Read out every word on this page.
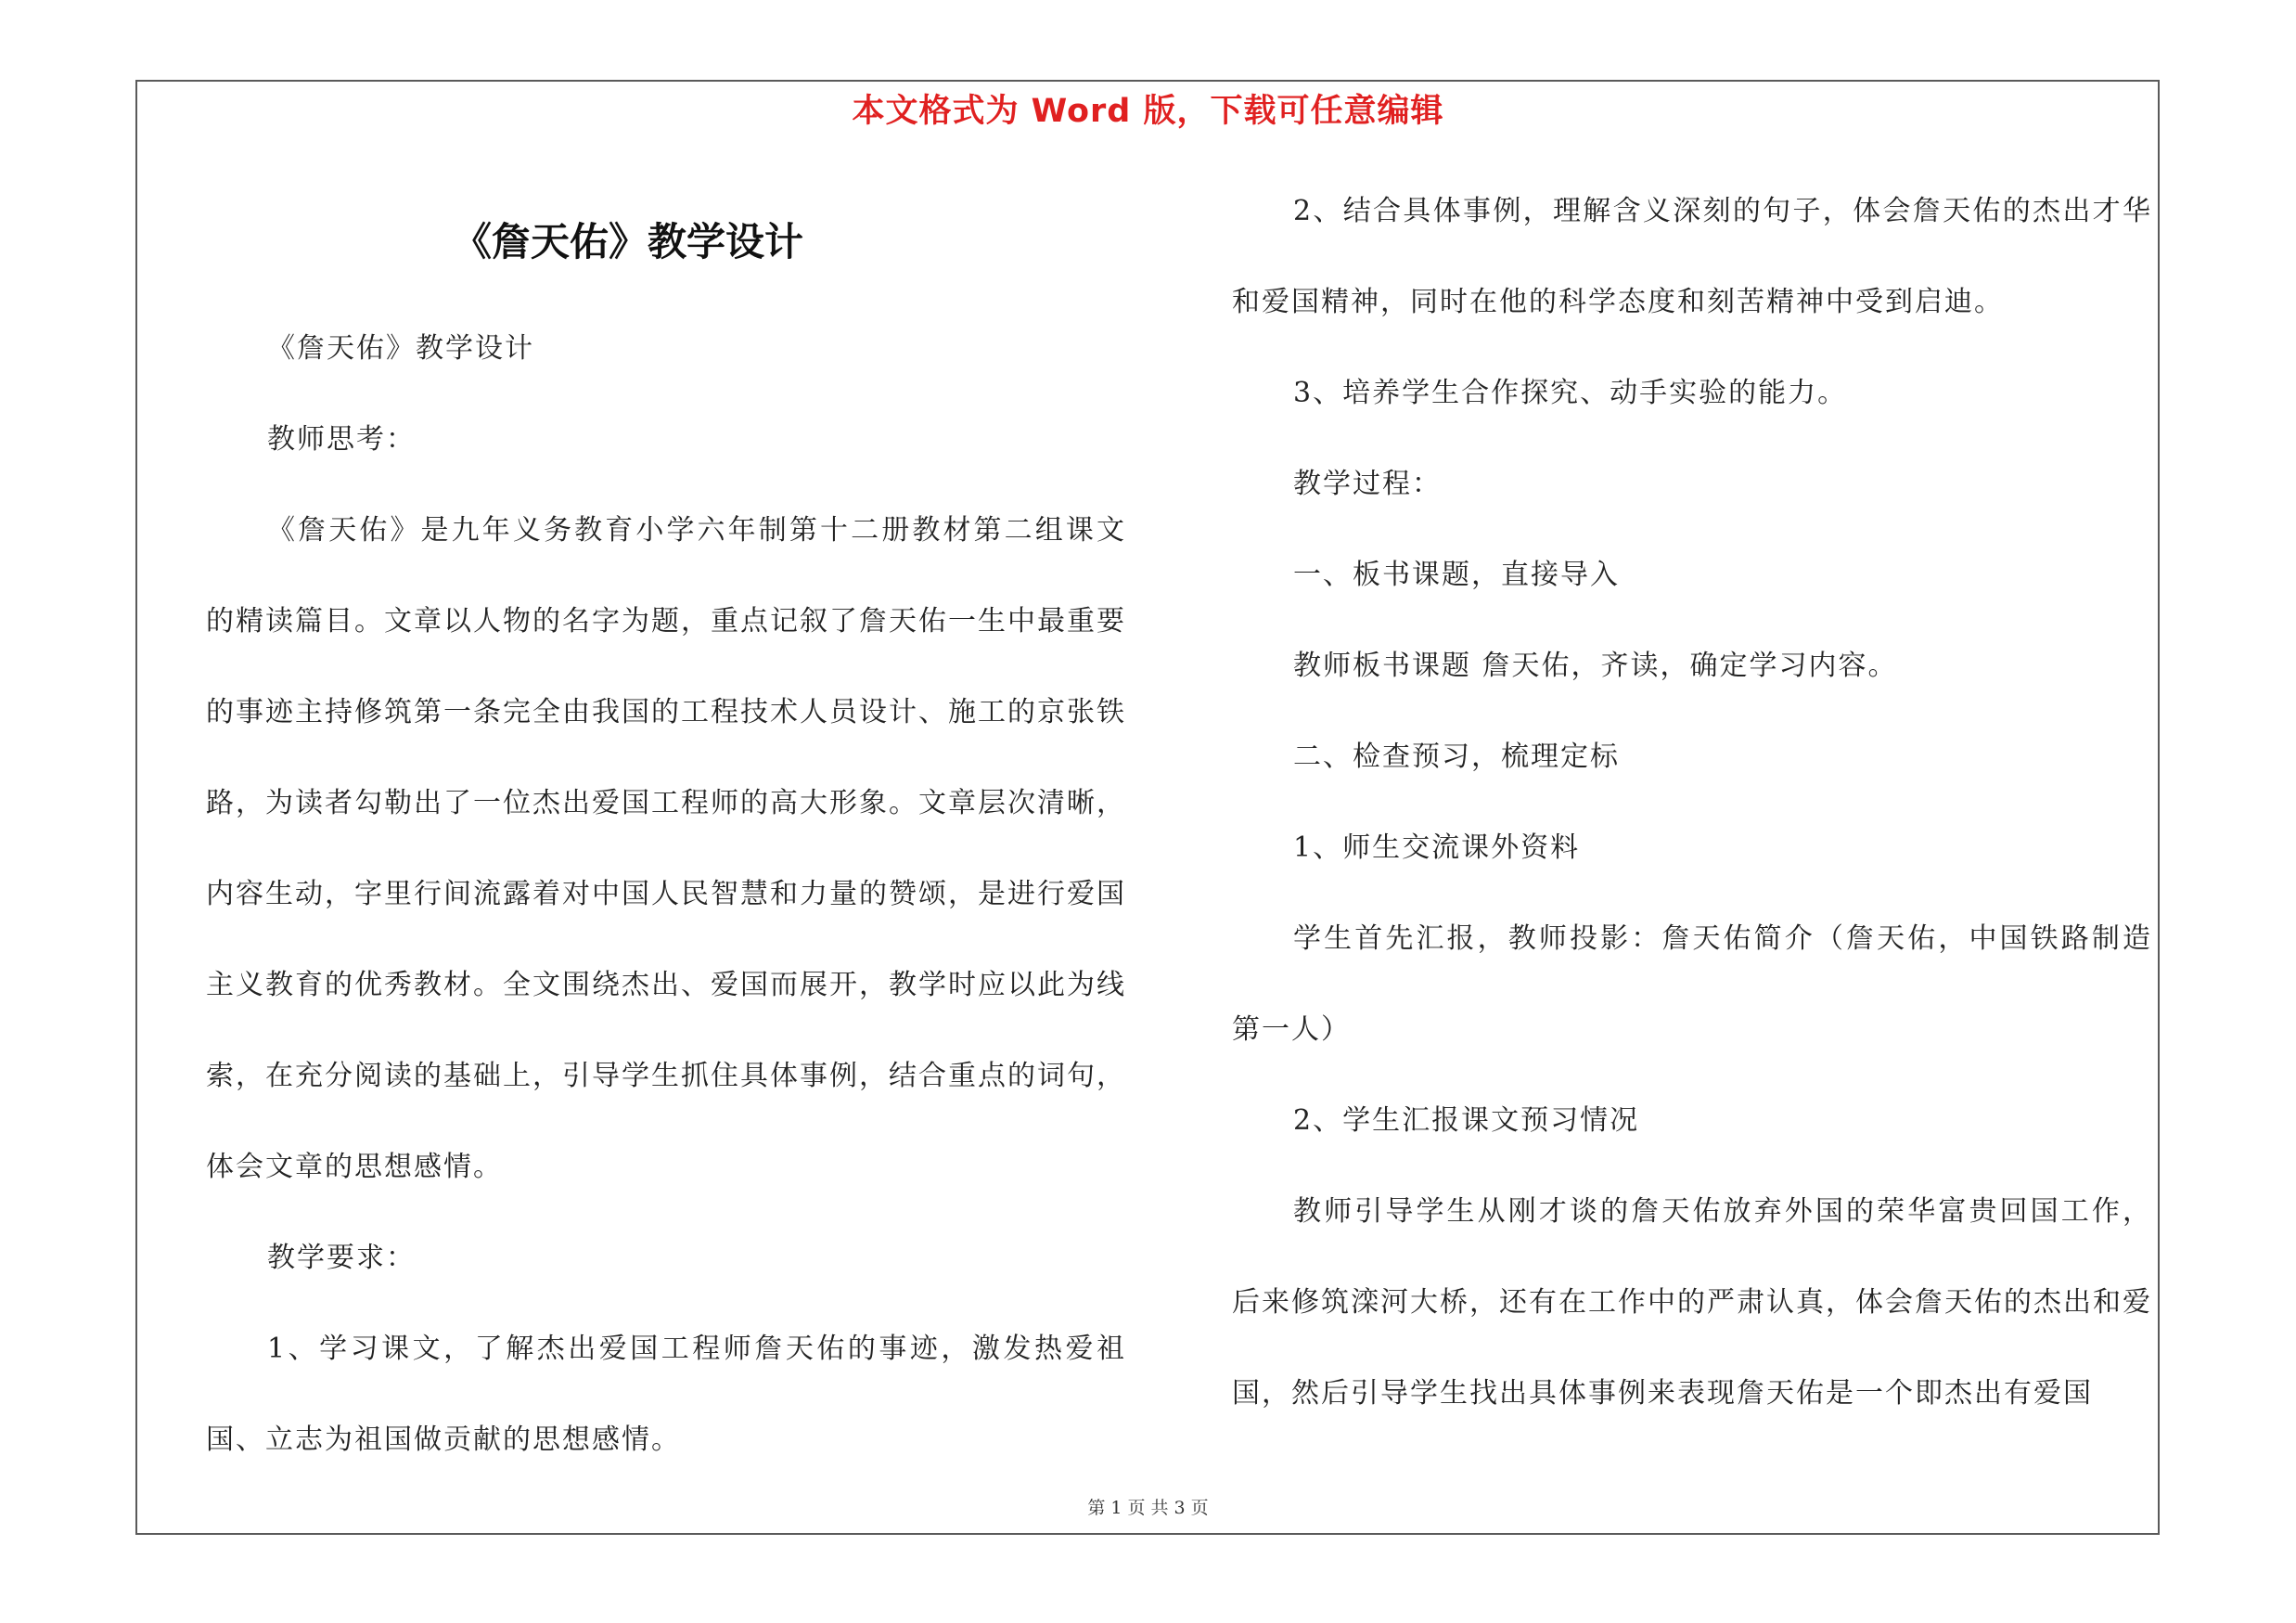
本文格式为 Word 版，下载可任意编辑
《詹天佑》教学设计

《詹天佑》教学设计

教师思考：

《詹天佑》是九年义务教育小学六年制第十二册教材第二组课文的精读篇目。文章以人物的名字为题，重点记叙了詹天佑一生中最重要的事迹主持修筑第一条完全由我国的工程技术人员设计、施工的京张铁路，为读者勾勒出了一位杰出爱国工程师的高大形象。文章层次清晰，内容生动，字里行间流露着对中国人民智慧和力量的赞颂，是进行爱国主义教育的优秀教材。全文围绕杰出、爱国而展开，教学时应以此为线索，在充分阅读的基础上，引导学生抓住具体事例，结合重点的词句，体会文章的思想感情。

教学要求：

1、学习课文，了解杰出爱国工程师詹天佑的事迹，激发热爱祖国、立志为祖国做贡献的思想感情。

2、结合具体事例，理解含义深刻的句子，体会詹天佑的杰出才华和爱国精神，同时在他的科学态度和刻苦精神中受到启迪。

3、培养学生合作探究、动手实验的能力。

教学过程：

一、板书课题，直接导入

教师板书课题 詹天佑，齐读，确定学习内容。

二、检查预习，梳理定标

1、师生交流课外资料

学生首先汇报，教师投影：詹天佑简介（詹天佑，中国铁路制造第一人）

2、学生汇报课文预习情况

教师引导学生从刚才谈的詹天佑放弃外国的荣华富贵回国工作，后来修筑滦河大桥，还有在工作中的严肃认真，体会詹天佑的杰出和爱国，然后引导学生找出具体事例来表现詹天佑是一个即杰出有爱国

第 1 页 共 3 页
